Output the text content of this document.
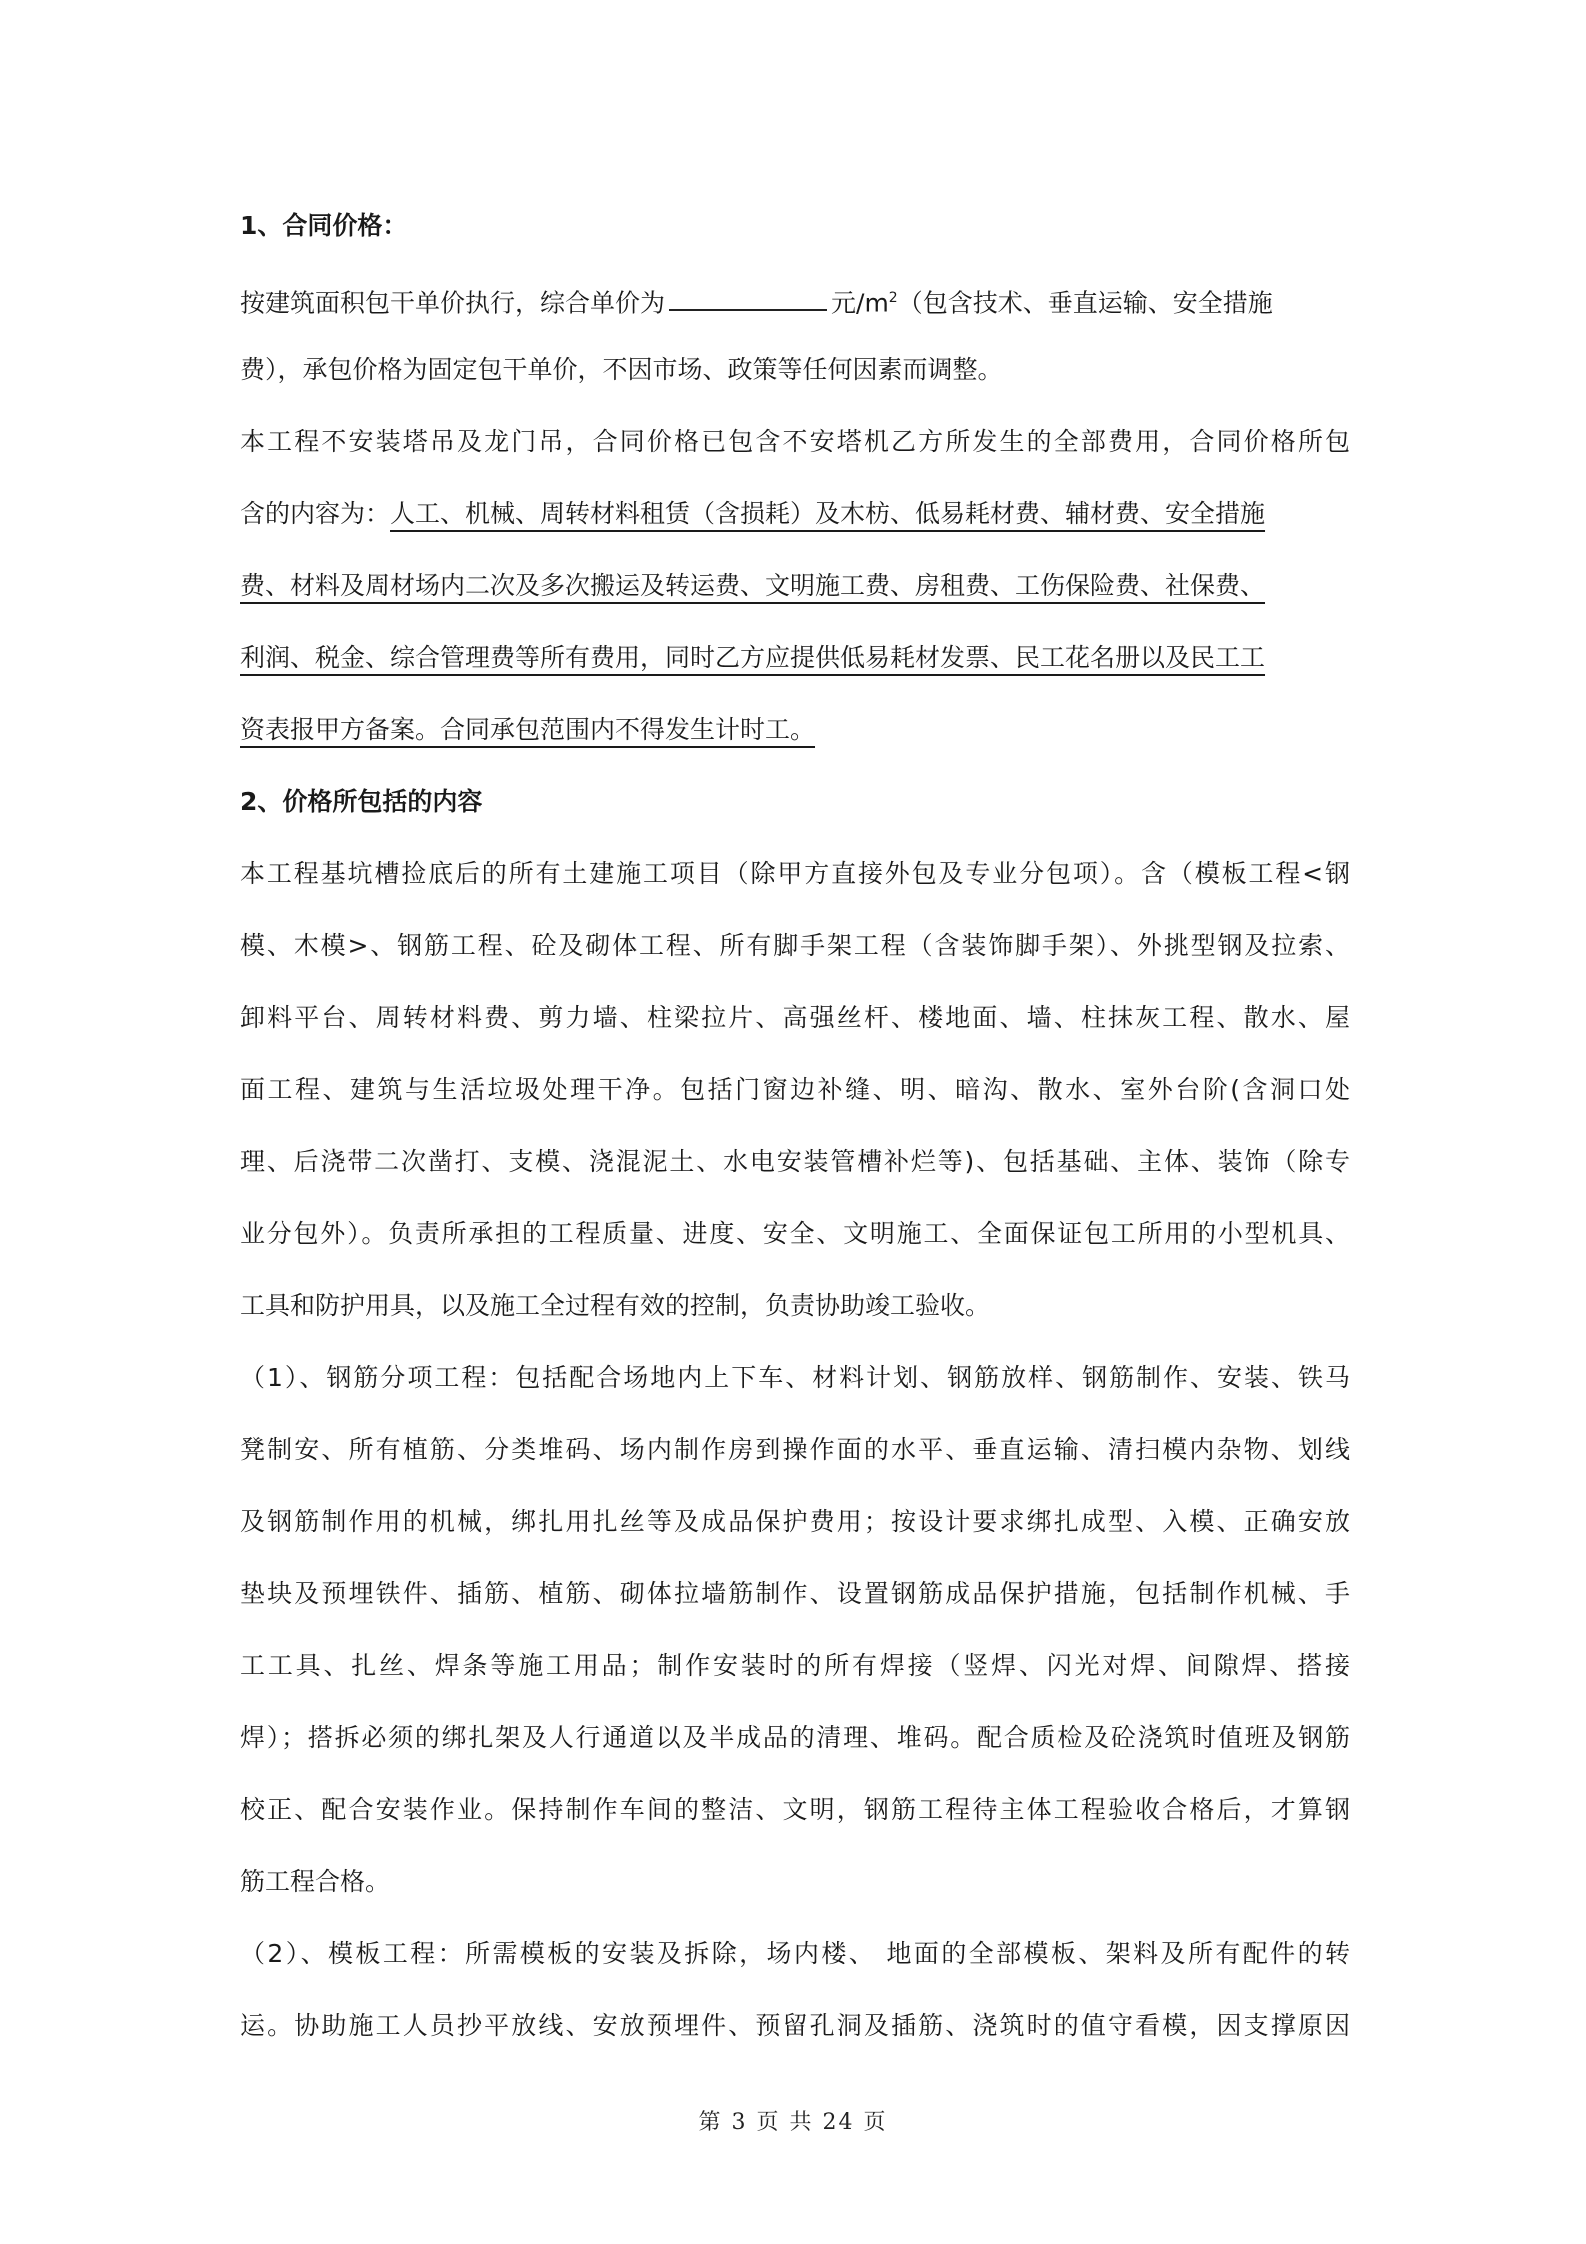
1、合同价格：
按建筑面积包干单价执行，综合单价为	元$/m^2$（包含技术、垂直运输、安全措施
费），承包价格为固定包干单价，不因市场、政策等任何因素而调整。
本工程不安装塔吊及龙门吊，合同价格已包含不安塔机乙方所发生的全部费用，合同价格所包
含的内容为：人工、机械、周转材料租赁（含损耗）及木枋、低易耗材费、辅材费、安全措施
费、材料及周材场内二次及多次搬运及转运费、文明施工费、房租费、工伤保险费、社保费、
利润、税金、综合管理费等所有费用，同时乙方应提供低易耗材发票、民工花名册以及民工工
资表报甲方备案。合同承包范围内不得发生计时工。
2、价格所包括的内容
本工程基坑槽捡底后的所有土建施工项目（除甲方直接外包及专业分包项）。含（模板工程<钢
模、木模>、钢筋工程、砼及砌体工程、所有脚手架工程（含装饰脚手架）、外挑型钢及拉索、
卸料平台、周转材料费、剪力墙、柱梁拉片、高强丝杆、楼地面、墙、柱抹灰工程、散水、屋
面工程、建筑与生活垃圾处理干净。包括门窗边补缝、明、暗沟、散水、室外台阶(含洞口处
理、后浇带二次凿打、支模、浇混泥土、水电安装管槽补烂等)、包括基础、主体、装饰（除专
业分包外）。负责所承担的工程质量、进度、安全、文明施工、全面保证包工所用的小型机具、
工具和防护用具，以及施工全过程有效的控制，负责协助竣工验收。
（1）、钢筋分项工程：包括配合场地内上下车、材料计划、钢筋放样、钢筋制作、安装、铁马
凳制安、所有植筋、分类堆码、场内制作房到操作面的水平、垂直运输、清扫模内杂物、划线
及钢筋制作用的机械，绑扎用扎丝等及成品保护费用；按设计要求绑扎成型、入模、正确安放
垫块及预埋铁件、插筋、植筋、砌体拉墙筋制作、设置钢筋成品保护措施，包括制作机械、手
工工具、扎丝、焊条等施工用品；制作安装时的所有焊接（竖焊、闪光对焊、间隙焊、搭接
焊）；搭拆必须的绑扎架及人行通道以及半成品的清理、堆码。配合质检及砼浇筑时值班及钢筋
校正、配合安装作业。保持制作车间的整洁、文明，钢筋工程待主体工程验收合格后，才算钢
筋工程合格。
（2）、模板工程：所需模板的安装及拆除，场内楼、 地面的全部模板、架料及所有配件的转
运。协助施工人员抄平放线、安放预埋件、预留孔洞及插筋、浇筑时的值守看模，因支撑原因
第 3 页 共 24 页
